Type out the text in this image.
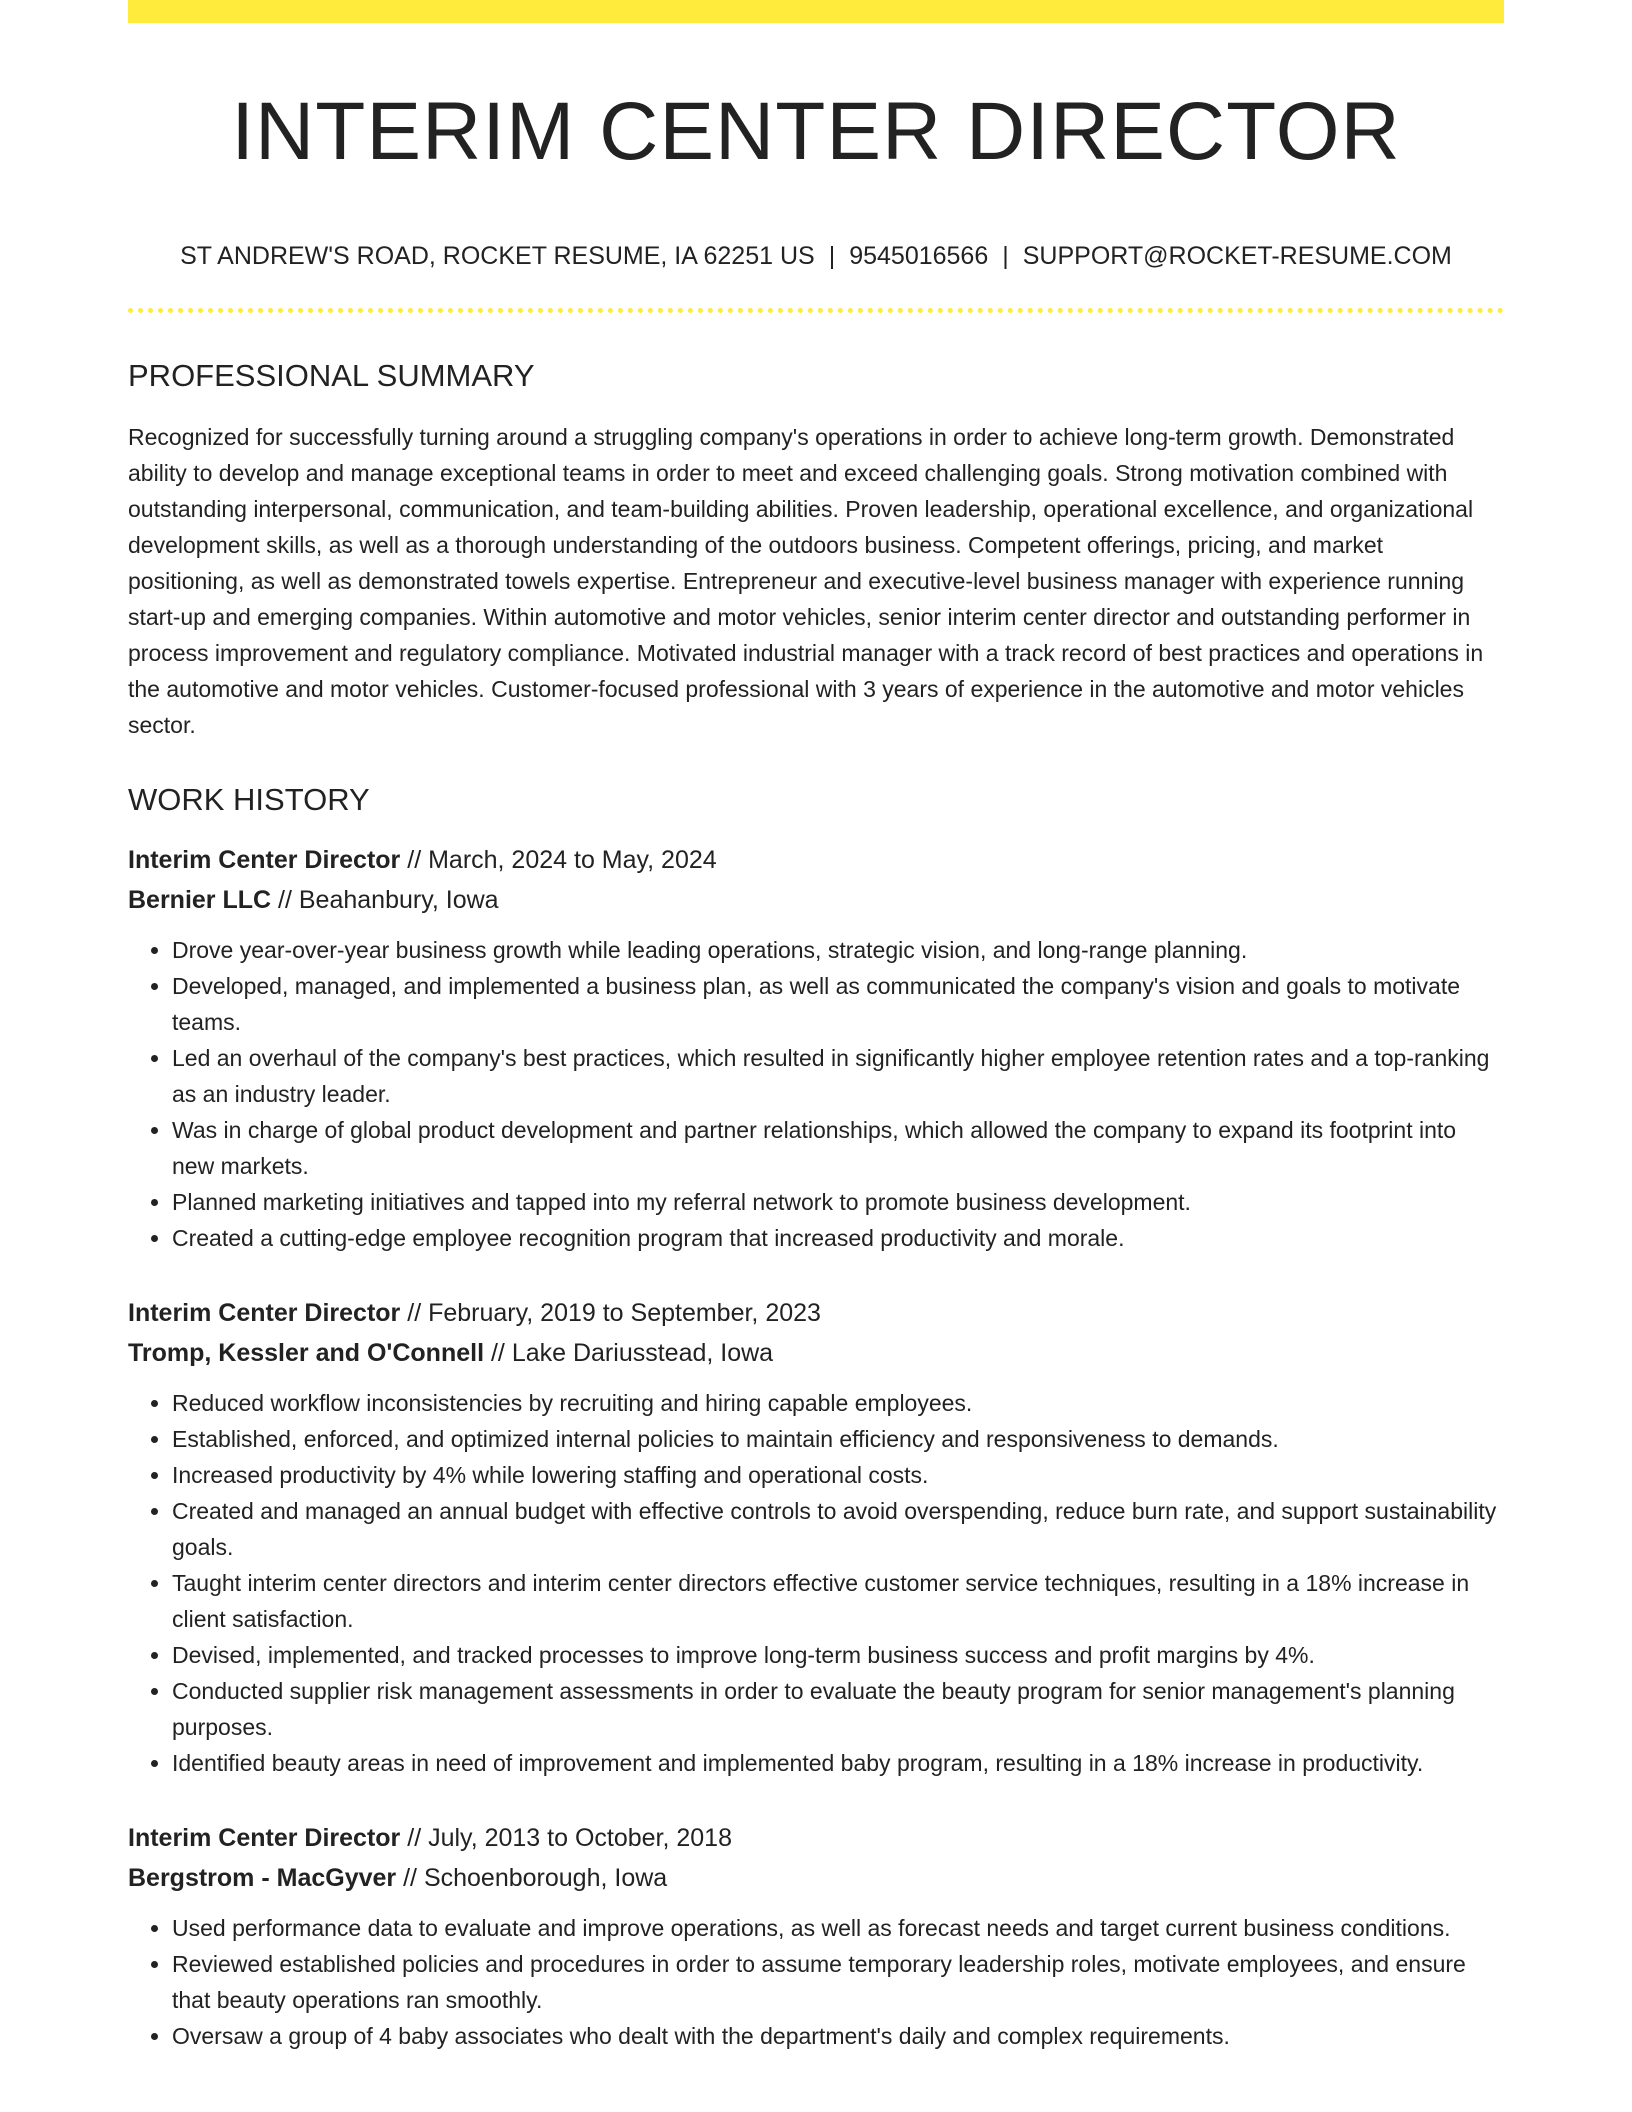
INTERIM CENTER DIRECTOR
ST ANDREW'S ROAD, ROCKET RESUME, IA 62251 US | 9545016566 | SUPPORT@ROCKET-RESUME.COM
PROFESSIONAL SUMMARY
Recognized for successfully turning around a struggling company's operations in order to achieve long-term growth. Demonstrated ability to develop and manage exceptional teams in order to meet and exceed challenging goals. Strong motivation combined with outstanding interpersonal, communication, and team-building abilities. Proven leadership, operational excellence, and organizational development skills, as well as a thorough understanding of the outdoors business. Competent offerings, pricing, and market positioning, as well as demonstrated towels expertise. Entrepreneur and executive-level business manager with experience running start-up and emerging companies. Within automotive and motor vehicles, senior interim center director and outstanding performer in process improvement and regulatory compliance. Motivated industrial manager with a track record of best practices and operations in the automotive and motor vehicles. Customer-focused professional with 3 years of experience in the automotive and motor vehicles sector.
WORK HISTORY
Interim Center Director // March, 2024 to May, 2024
Bernier LLC // Beahanbury, Iowa
• Drove year-over-year business growth while leading operations, strategic vision, and long-range planning.
• Developed, managed, and implemented a business plan, as well as communicated the company's vision and goals to motivate teams.
• Led an overhaul of the company's best practices, which resulted in significantly higher employee retention rates and a top-ranking as an industry leader.
• Was in charge of global product development and partner relationships, which allowed the company to expand its footprint into new markets.
• Planned marketing initiatives and tapped into my referral network to promote business development.
• Created a cutting-edge employee recognition program that increased productivity and morale.
Interim Center Director // February, 2019 to September, 2023
Tromp, Kessler and O'Connell // Lake Dariusstead, Iowa
• Reduced workflow inconsistencies by recruiting and hiring capable employees.
• Established, enforced, and optimized internal policies to maintain efficiency and responsiveness to demands.
• Increased productivity by 4% while lowering staffing and operational costs.
• Created and managed an annual budget with effective controls to avoid overspending, reduce burn rate, and support sustainability goals.
• Taught interim center directors and interim center directors effective customer service techniques, resulting in a 18% increase in client satisfaction.
• Devised, implemented, and tracked processes to improve long-term business success and profit margins by 4%.
• Conducted supplier risk management assessments in order to evaluate the beauty program for senior management's planning purposes.
• Identified beauty areas in need of improvement and implemented baby program, resulting in a 18% increase in productivity.
Interim Center Director // July, 2013 to October, 2018
Bergstrom - MacGyver // Schoenborough, Iowa
• Used performance data to evaluate and improve operations, as well as forecast needs and target current business conditions.
• Reviewed established policies and procedures in order to assume temporary leadership roles, motivate employees, and ensure that beauty operations ran smoothly.
• Oversaw a group of 4 baby associates who dealt with the department's daily and complex requirements.
